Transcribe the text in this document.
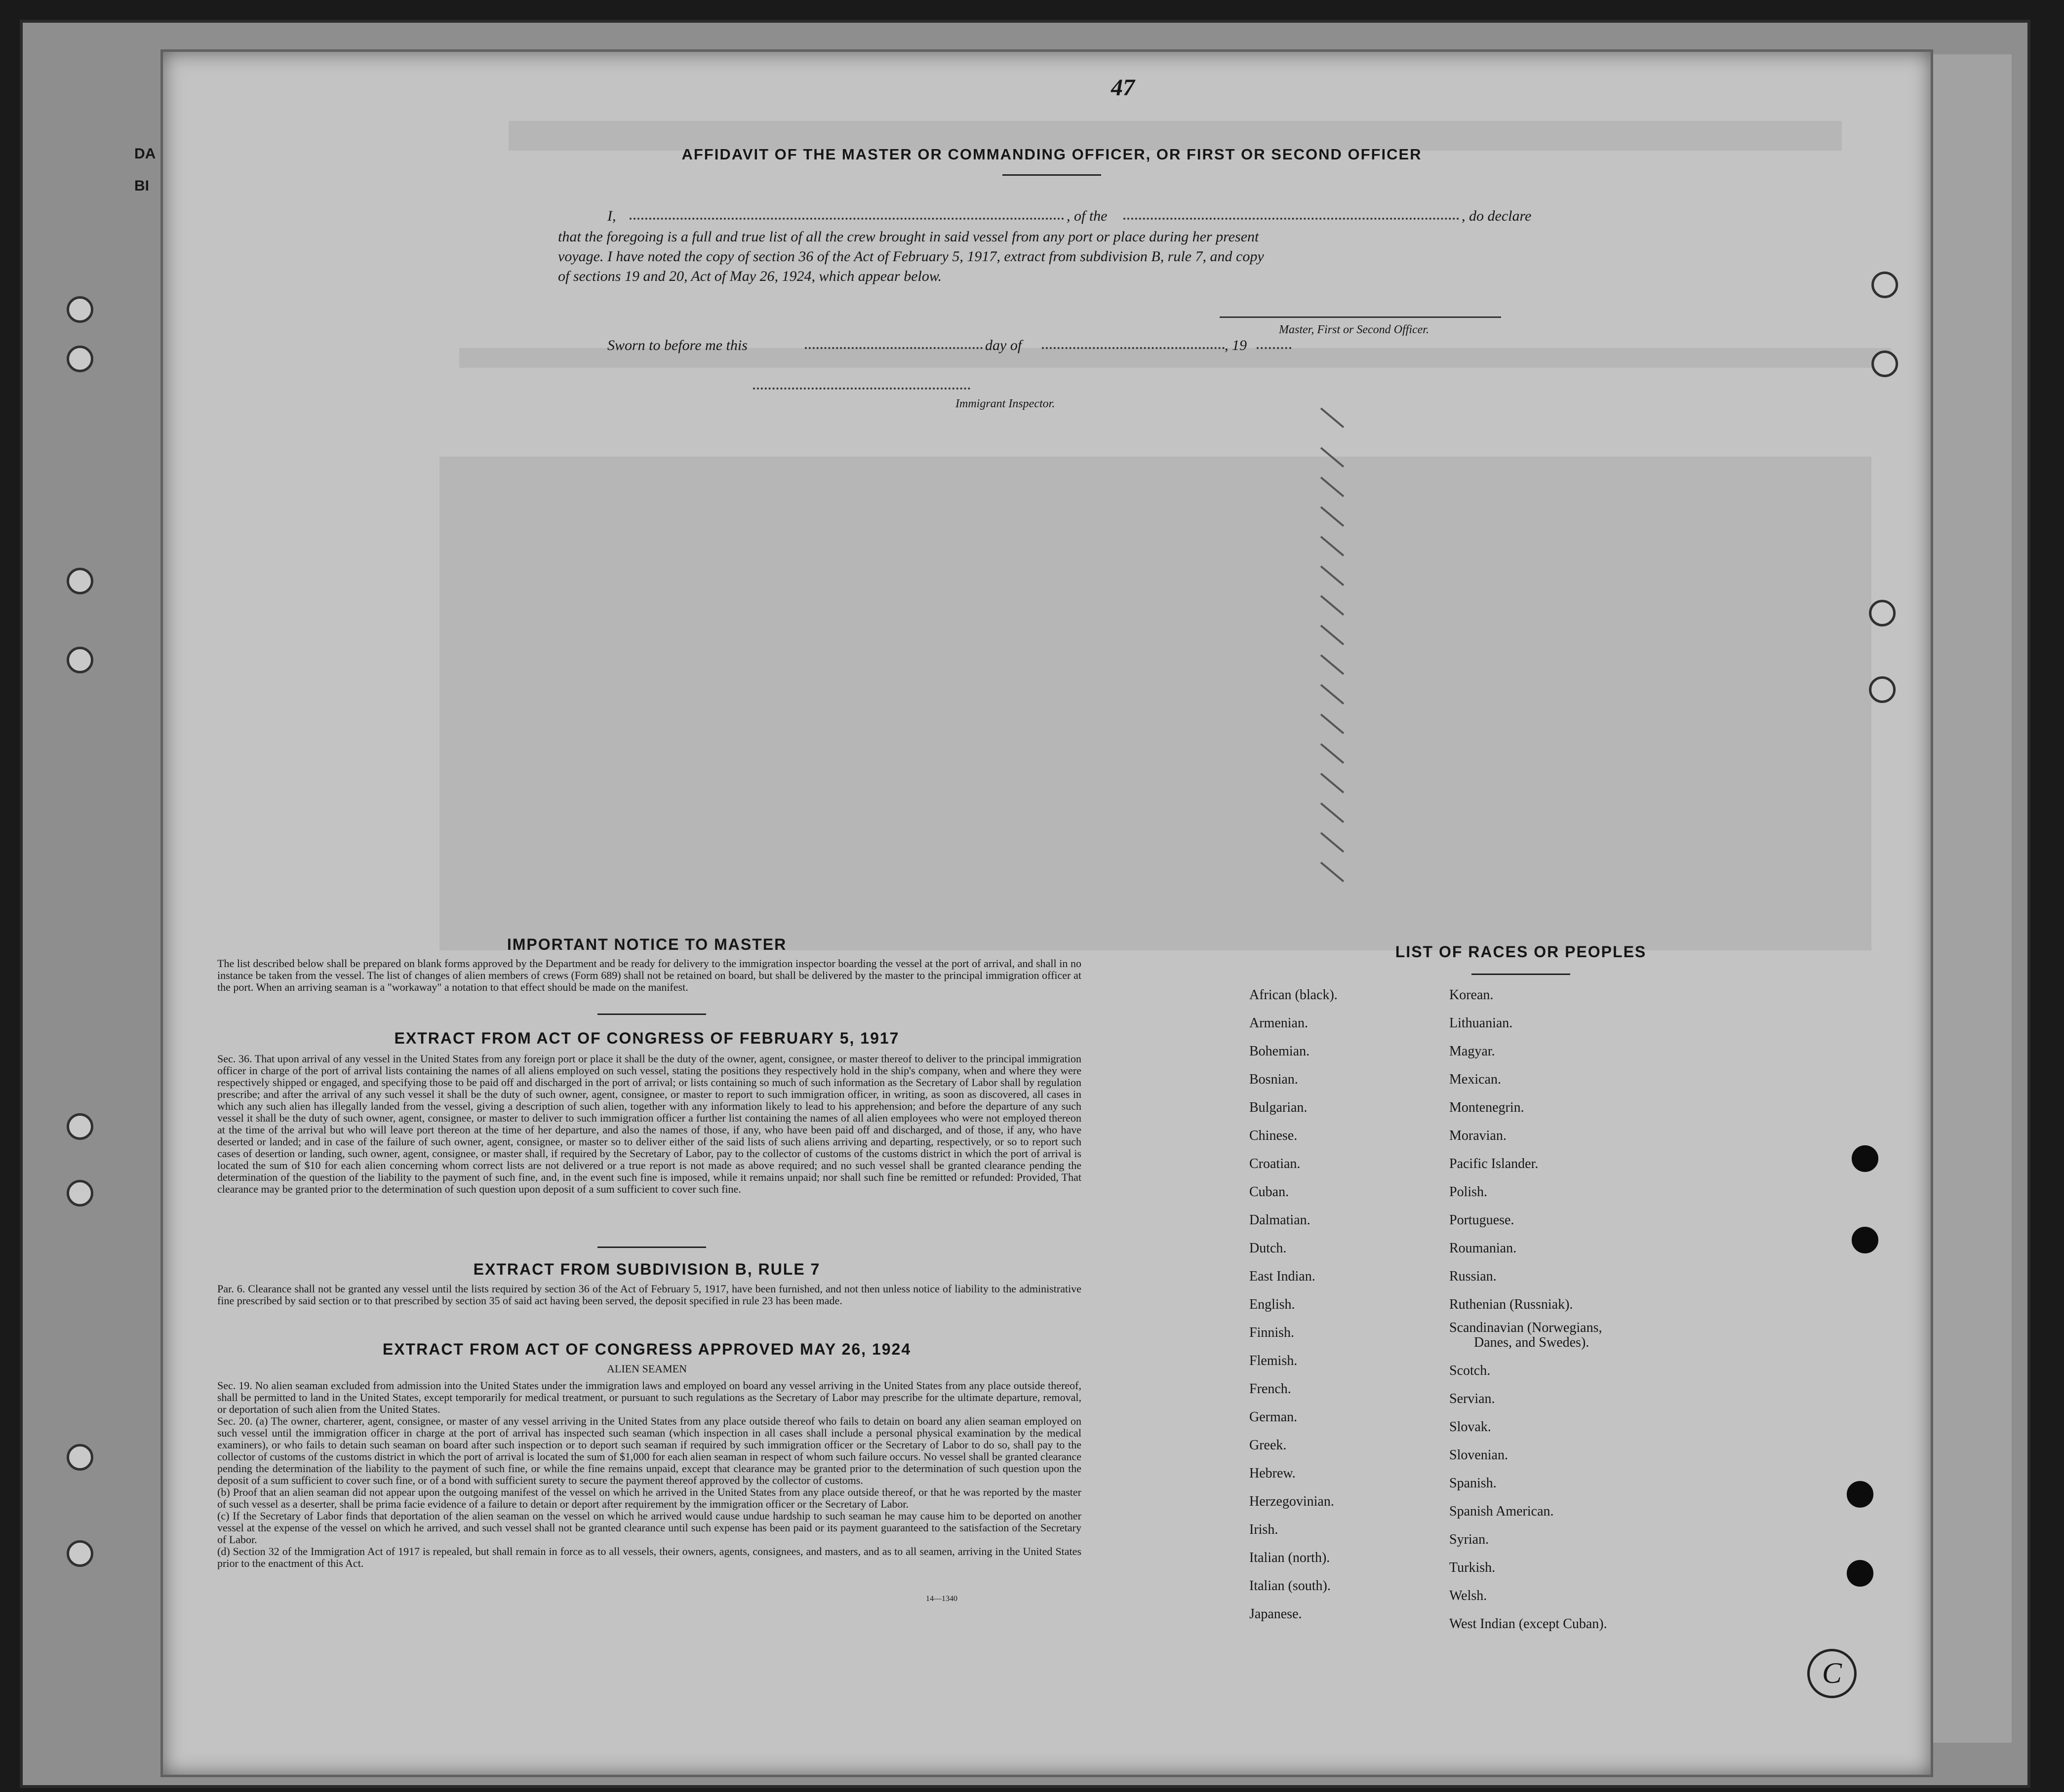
DA
BI
47
AFFIDAVIT OF THE MASTER OR COMMANDING OFFICER, OR FIRST OR SECOND OFFICER
I,	, of the	, do declare
that the foregoing is a full and true list of all the crew brought in said vessel from any port or place during her present
voyage. I have noted the copy of section 36 of the Act of February 5, 1917, extract from subdivision B, rule 7, and copy
of sections 19 and 20, Act of May 26, 1924, which appear below.
Master, First or Second Officer.
Sworn to before me this	day of	, 19
Immigrant Inspector.
IMPORTANT NOTICE TO MASTER
The list described below shall be prepared on blank forms approved by the Department and be ready for delivery to the immigration inspector boarding the vessel at the port of arrival, and shall in no instance be taken from the vessel. The list of changes of alien members of crews (Form 689) shall not be retained on board, but shall be delivered by the master to the principal immigration officer at the port. When an arriving seaman is a "workaway" a notation to that effect should be made on the manifest.
EXTRACT FROM ACT OF CONGRESS OF FEBRUARY 5, 1917
Sec. 36. That upon arrival of any vessel in the United States from any foreign port or place it shall be the duty of the owner, agent, consignee, or master thereof to deliver to the principal immigration officer in charge of the port of arrival lists containing the names of all aliens employed on such vessel, stating the positions they respectively hold in the ship's company, when and where they were respectively shipped or engaged, and specifying those to be paid off and discharged in the port of arrival; or lists containing so much of such information as the Secretary of Labor shall by regulation prescribe; and after the arrival of any such vessel it shall be the duty of such owner, agent, consignee, or master to report to such immigration officer, in writing, as soon as discovered, all cases in which any such alien has illegally landed from the vessel, giving a description of such alien, together with any information likely to lead to his apprehension; and before the departure of any such vessel it shall be the duty of such owner, agent, consignee, or master to deliver to such immigration officer a further list containing the names of all alien employees who were not employed thereon at the time of the arrival but who will leave port thereon at the time of her departure, and also the names of those, if any, who have been paid off and discharged, and of those, if any, who have deserted or landed; and in case of the failure of such owner, agent, consignee, or master so to deliver either of the said lists of such aliens arriving and departing, respectively, or so to report such cases of desertion or landing, such owner, agent, consignee, or master shall, if required by the Secretary of Labor, pay to the collector of customs of the customs district in which the port of arrival is located the sum of $10 for each alien concerning whom correct lists are not delivered or a true report is not made as above required; and no such vessel shall be granted clearance pending the determination of the question of the liability to the payment of such fine, and, in the event such fine is imposed, while it remains unpaid; nor shall such fine be remitted or refunded: Provided, That clearance may be granted prior to the determination of such question upon deposit of a sum sufficient to cover such fine.
EXTRACT FROM SUBDIVISION B, RULE 7
Par. 6. Clearance shall not be granted any vessel until the lists required by section 36 of the Act of February 5, 1917, have been furnished, and not then unless notice of liability to the administrative fine prescribed by said section or to that prescribed by section 35 of said act having been served, the deposit specified in rule 23 has been made.
EXTRACT FROM ACT OF CONGRESS APPROVED MAY 26, 1924
ALIEN SEAMEN

Sec. 19. No alien seaman excluded from admission into the United States under the immigration laws and employed on board any vessel arriving in the United States from any place outside thereof, shall be permitted to land in the United States, except temporarily for medical treatment, or pursuant to such regulations as the Secretary of Labor may prescribe for the ultimate departure, removal, or deportation of such alien from the United States.

Sec. 20. (a) The owner, charterer, agent, consignee, or master of any vessel arriving in the United States from any place outside thereof who fails to detain on board any alien seaman employed on such vessel until the immigration officer in charge at the port of arrival has inspected such seaman (which inspection in all cases shall include a personal physical examination by the medical examiners), or who fails to detain such seaman on board after such inspection or to deport such seaman if required by such immigration officer or the Secretary of Labor to do so, shall pay to the collector of customs of the customs district in which the port of arrival is located the sum of $1,000 for each alien seaman in respect of whom such failure occurs. No vessel shall be granted clearance pending the determination of the liability to the payment of such fine, or while the fine remains unpaid, except that clearance may be granted prior to the determination of such question upon the deposit of a sum sufficient to cover such fine, or of a bond with sufficient surety to secure the payment thereof approved by the collector of customs.

(b) Proof that an alien seaman did not appear upon the outgoing manifest of the vessel on which he arrived in the United States from any place outside thereof, or that he was reported by the master of such vessel as a deserter, shall be prima facie evidence of a failure to detain or deport after requirement by the immigration officer or the Secretary of Labor.

(c) If the Secretary of Labor finds that deportation of the alien seaman on the vessel on which he arrived would cause undue hardship to such seaman he may cause him to be deported on another vessel at the expense of the vessel on which he arrived, and such vessel shall not be granted clearance until such expense has been paid or its payment guaranteed to the satisfaction of the Secretary of Labor.

(d) Section 32 of the Immigration Act of 1917 is repealed, but shall remain in force as to all vessels, their owners, agents, consignees, and masters, and as to all seamen, arriving in the United States prior to the enactment of this Act.

14—1340
LIST OF RACES OR PEOPLES
African (black).
Armenian.
Bohemian.
Bosnian.
Bulgarian.
Chinese.
Croatian.
Cuban.
Dalmatian.
Dutch.
East Indian.
English.
Finnish.
Flemish.
French.
German.
Greek.
Hebrew.
Herzegovinian.
Irish.
Italian (north).
Italian (south).
Japanese.
Korean.
Lithuanian.
Magyar.
Mexican.
Montenegrin.
Moravian.
Pacific Islander.
Polish.
Portuguese.
Roumanian.
Russian.
Ruthenian (Russniak).
Scandinavian (Norwegians,
Danes, and Swedes).
Scotch.
Servian.
Slovak.
Slovenian.
Spanish.
Spanish American.
Syrian.
Turkish.
Welsh.
West Indian (except Cuban).
C
